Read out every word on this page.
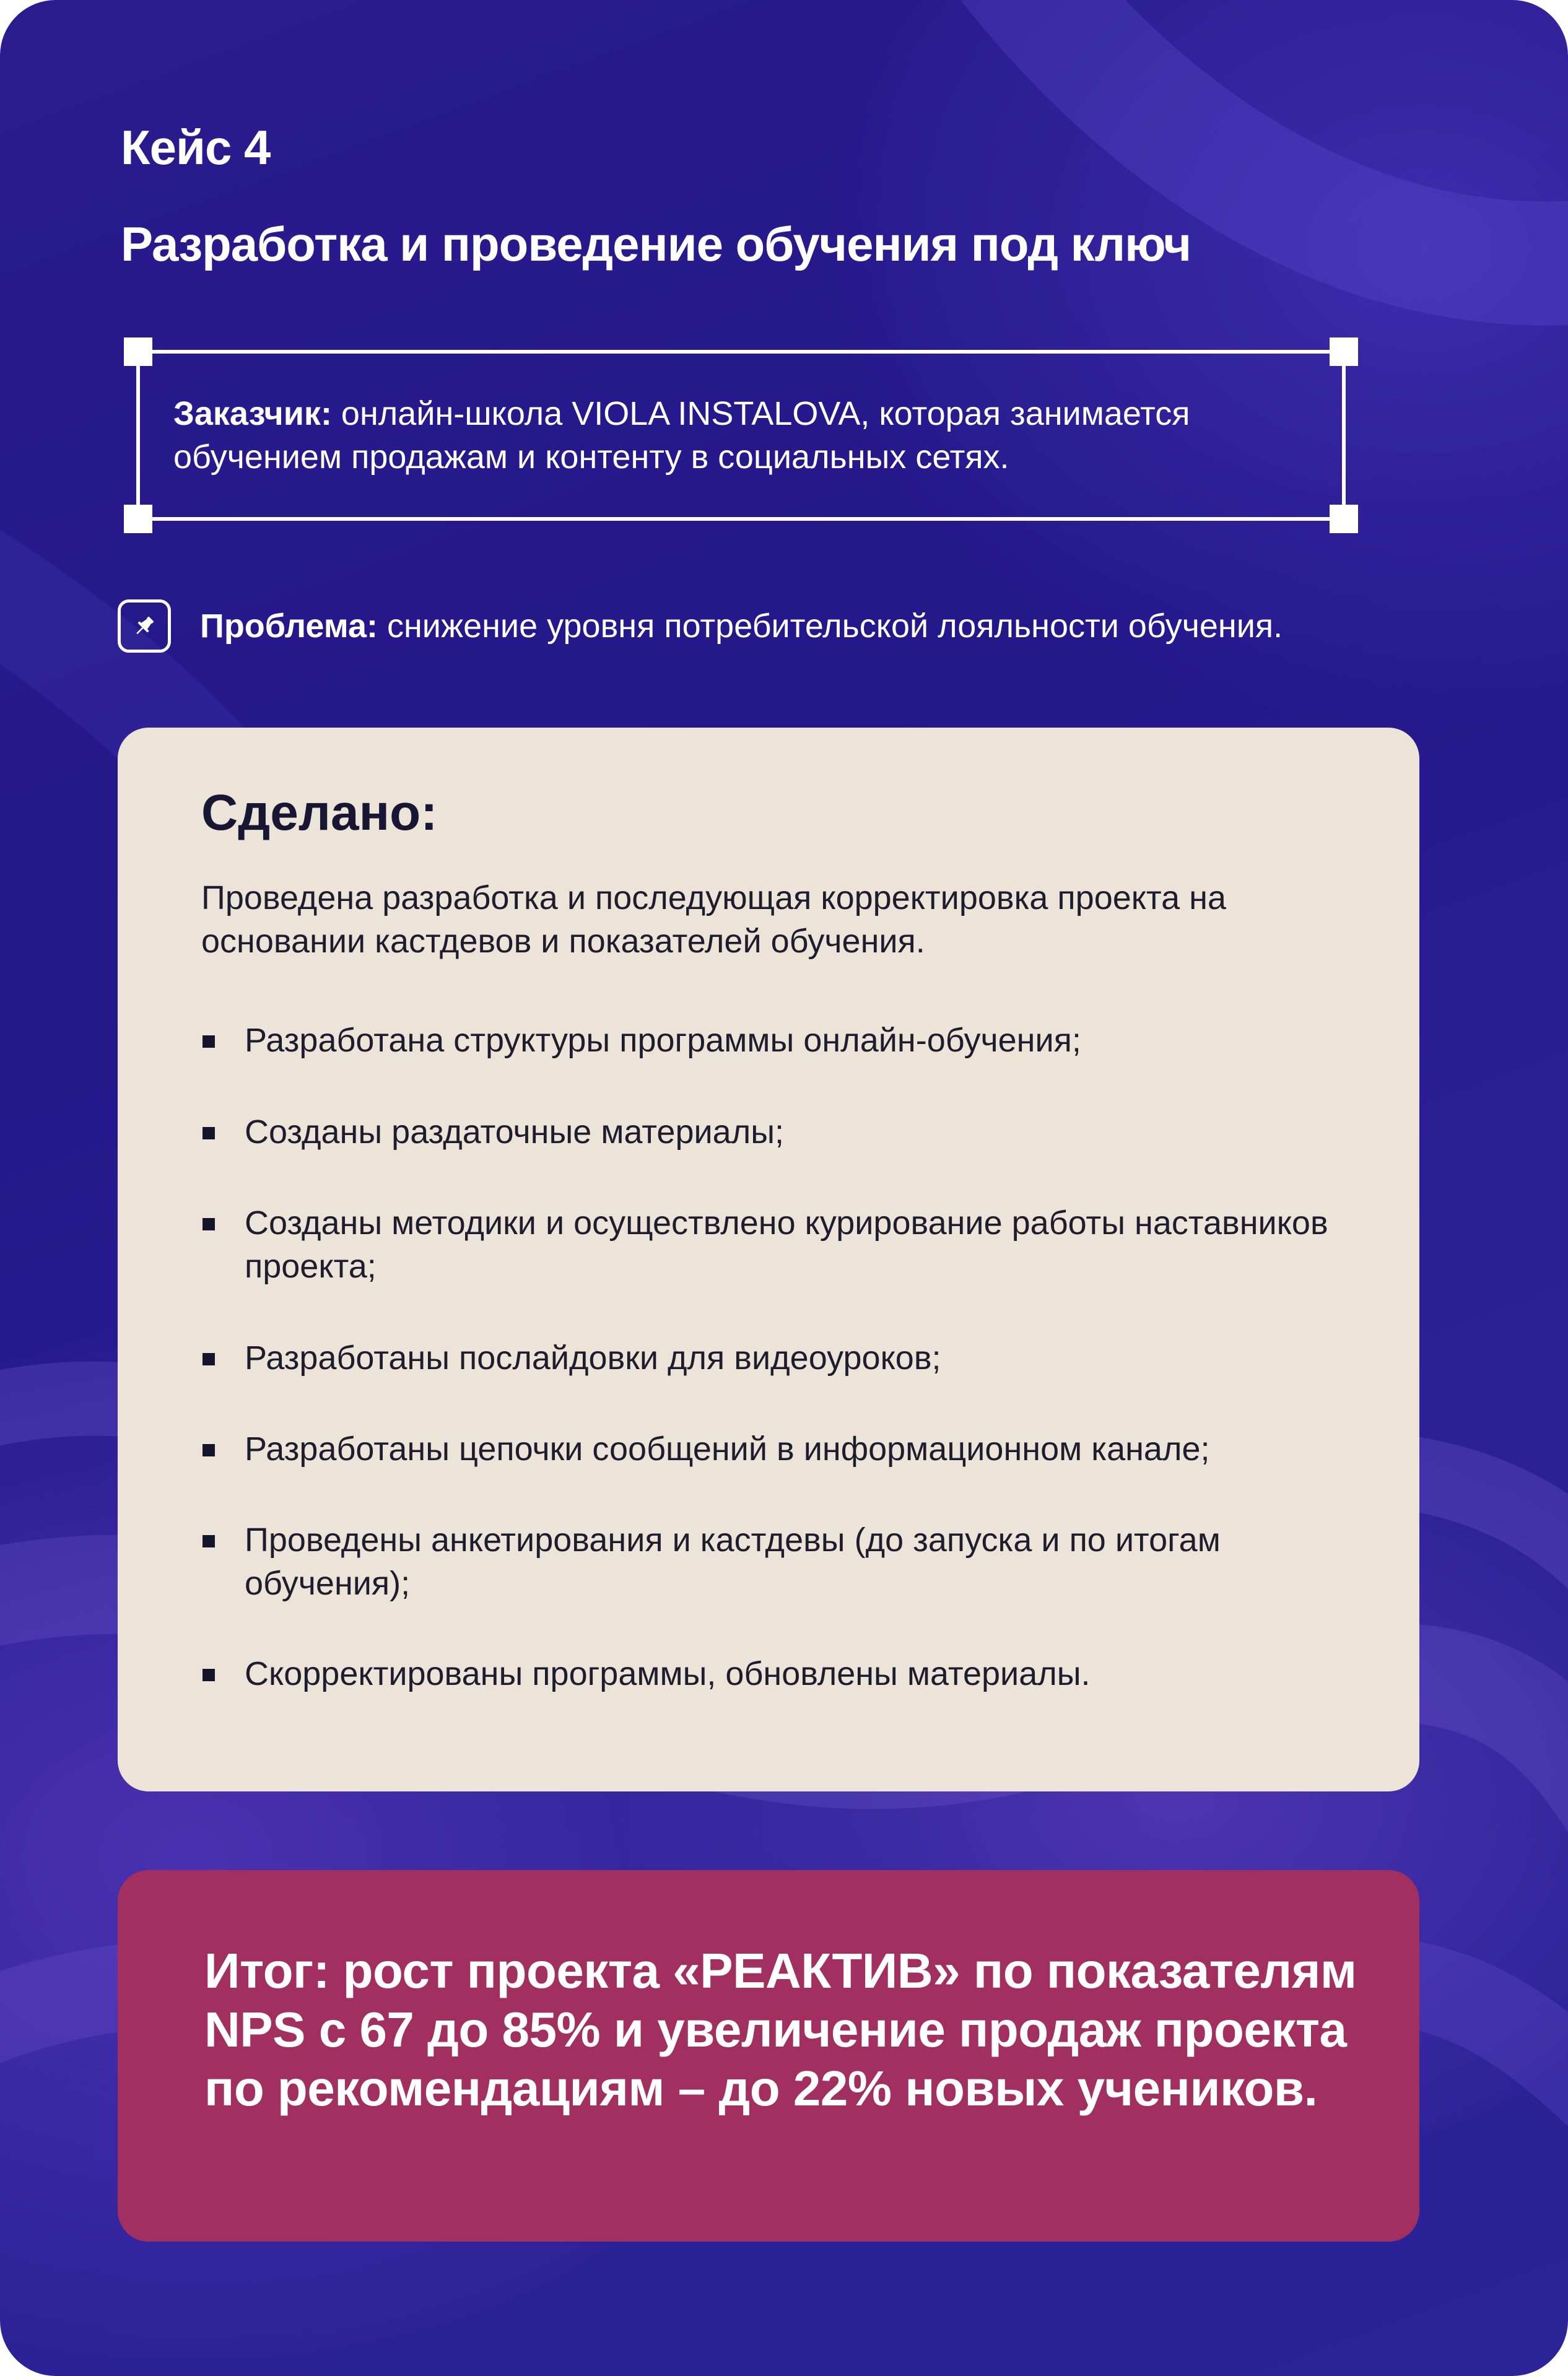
Кейс 4
Разработка и проведение обучения под ключ

Заказчик: онлайн-школа VIOLA INSTALOVA, которая занимается обучением продажам и контенту в социальных сетях.

Проблема: снижение уровня потребительской лояльности обучения.

Сделано:

Проведена разработка и последующая корректировка проекта на основании кастдевов и показателей обучения.

Разработана структуры программы онлайн-обучения;

Созданы раздаточные материалы;

Созданы методики и осуществлено курирование работы наставников проекта;

Разработаны послайдовки для видеоуроков;

Разработаны цепочки сообщений в информационном канале;

Проведены анкетирования и кастдевы (до запуска и по итогам обучения);

Скорректированы программы, обновлены материалы.

Итог: рост проекта «РЕАКТИВ» по показателям NPS с 67 до 85% и увеличение продаж проекта по рекомендациям – до 22% новых учеников.
